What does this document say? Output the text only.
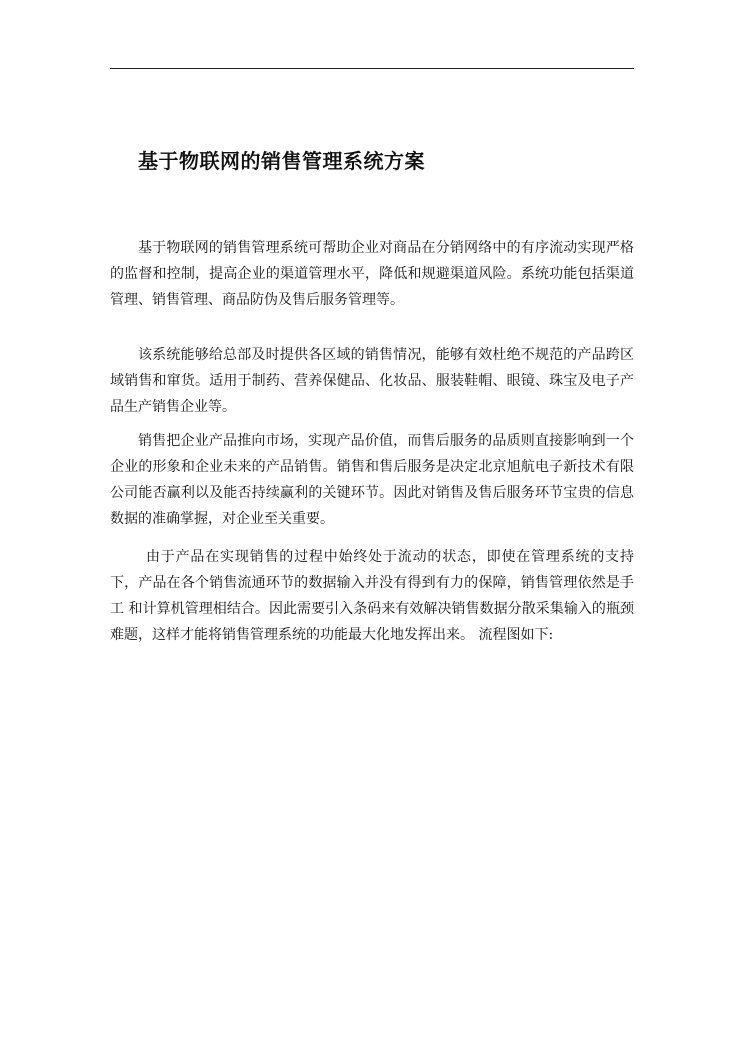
基于物联网的销售管理系统方案

基于物联网的销售管理系统可帮助企业对商品在分销网络中的有序流动实现严格的监督和控制，提高企业的渠道管理水平，降低和规避渠道风险。系统功能包括渠道管理、销售管理、商品防伪及售后服务管理等。

该系统能够给总部及时提供各区域的销售情况，能够有效杜绝不规范的产品跨区域销售和窜货。适用于制药、营养保健品、化妆品、服装鞋帽、眼镜、珠宝及电子产品生产销售企业等。

销售把企业产品推向市场，实现产品价值，而售后服务的品质则直接影响到一个企业的形象和企业未来的产品销售。销售和售后服务是决定北京旭航电子新技术有限公司能否赢利以及能否持续赢利的关键环节。因此对销售及售后服务环节宝贵的信息数据的准确掌握，对企业至关重要。

由于产品在实现销售的过程中始终处于流动的状态，即使在管理系统的支持下，产品在各个销售流通环节的数据输入并没有得到有力的保障，销售管理依然是手工 和计算机管理相结合。因此需要引入条码来有效解决销售数据分散采集输入的瓶颈难题，这样才能将销售管理系统的功能最大化地发挥出来。 流程图如下:
